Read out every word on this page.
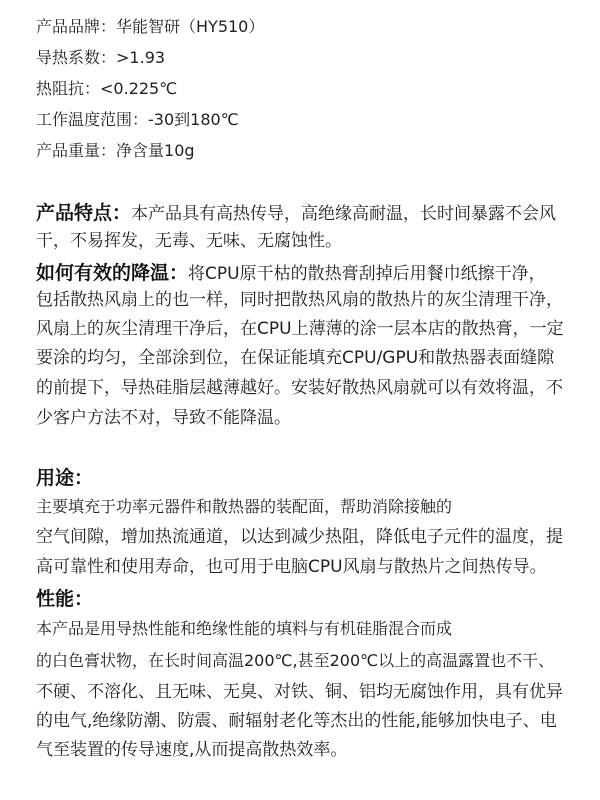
产品品牌：华能智研（HY510）
导热系数：>1.93
热阻抗：<0.225℃
工作温度范围：-30到180℃
产品重量：净含量10g
产品特点：本产品具有高热传导，高绝缘高耐温，长时间暴露不会风
干，不易挥发，无毒、无味、无腐蚀性。
如何有效的降温：将CPU原干枯的散热膏刮掉后用餐巾纸擦干净，
包括散热风扇上的也一样，同时把散热风扇的散热片的灰尘清理干净，
风扇上的灰尘清理干净后，在CPU上薄薄的涂一层本店的散热膏，一定
要涂的均匀，全部涂到位，在保证能填充CPU/GPU和散热器表面缝隙
的前提下，导热硅脂层越薄越好。安装好散热风扇就可以有效将温，不
少客户方法不对，导致不能降温。
用途：
主要填充于功率元器件和散热器的装配面，帮助消除接触的
空气间隙，增加热流通道，以达到减少热阻，降低电子元件的温度，提
高可靠性和使用寿命，也可用于电脑CPU风扇与散热片之间热传导。
性能：
本产品是用导热性能和绝缘性能的填料与有机硅脂混合而成
的白色膏状物，在长时间高温200℃,甚至200℃以上的高温露置也不干、
不硬、不溶化、且无味、无臭、对铁、铜、铝均无腐蚀作用，具有优异
的电气,绝缘防潮、防震、耐辐射老化等杰出的性能,能够加快电子、电
气至装置的传导速度,从而提高散热效率。
